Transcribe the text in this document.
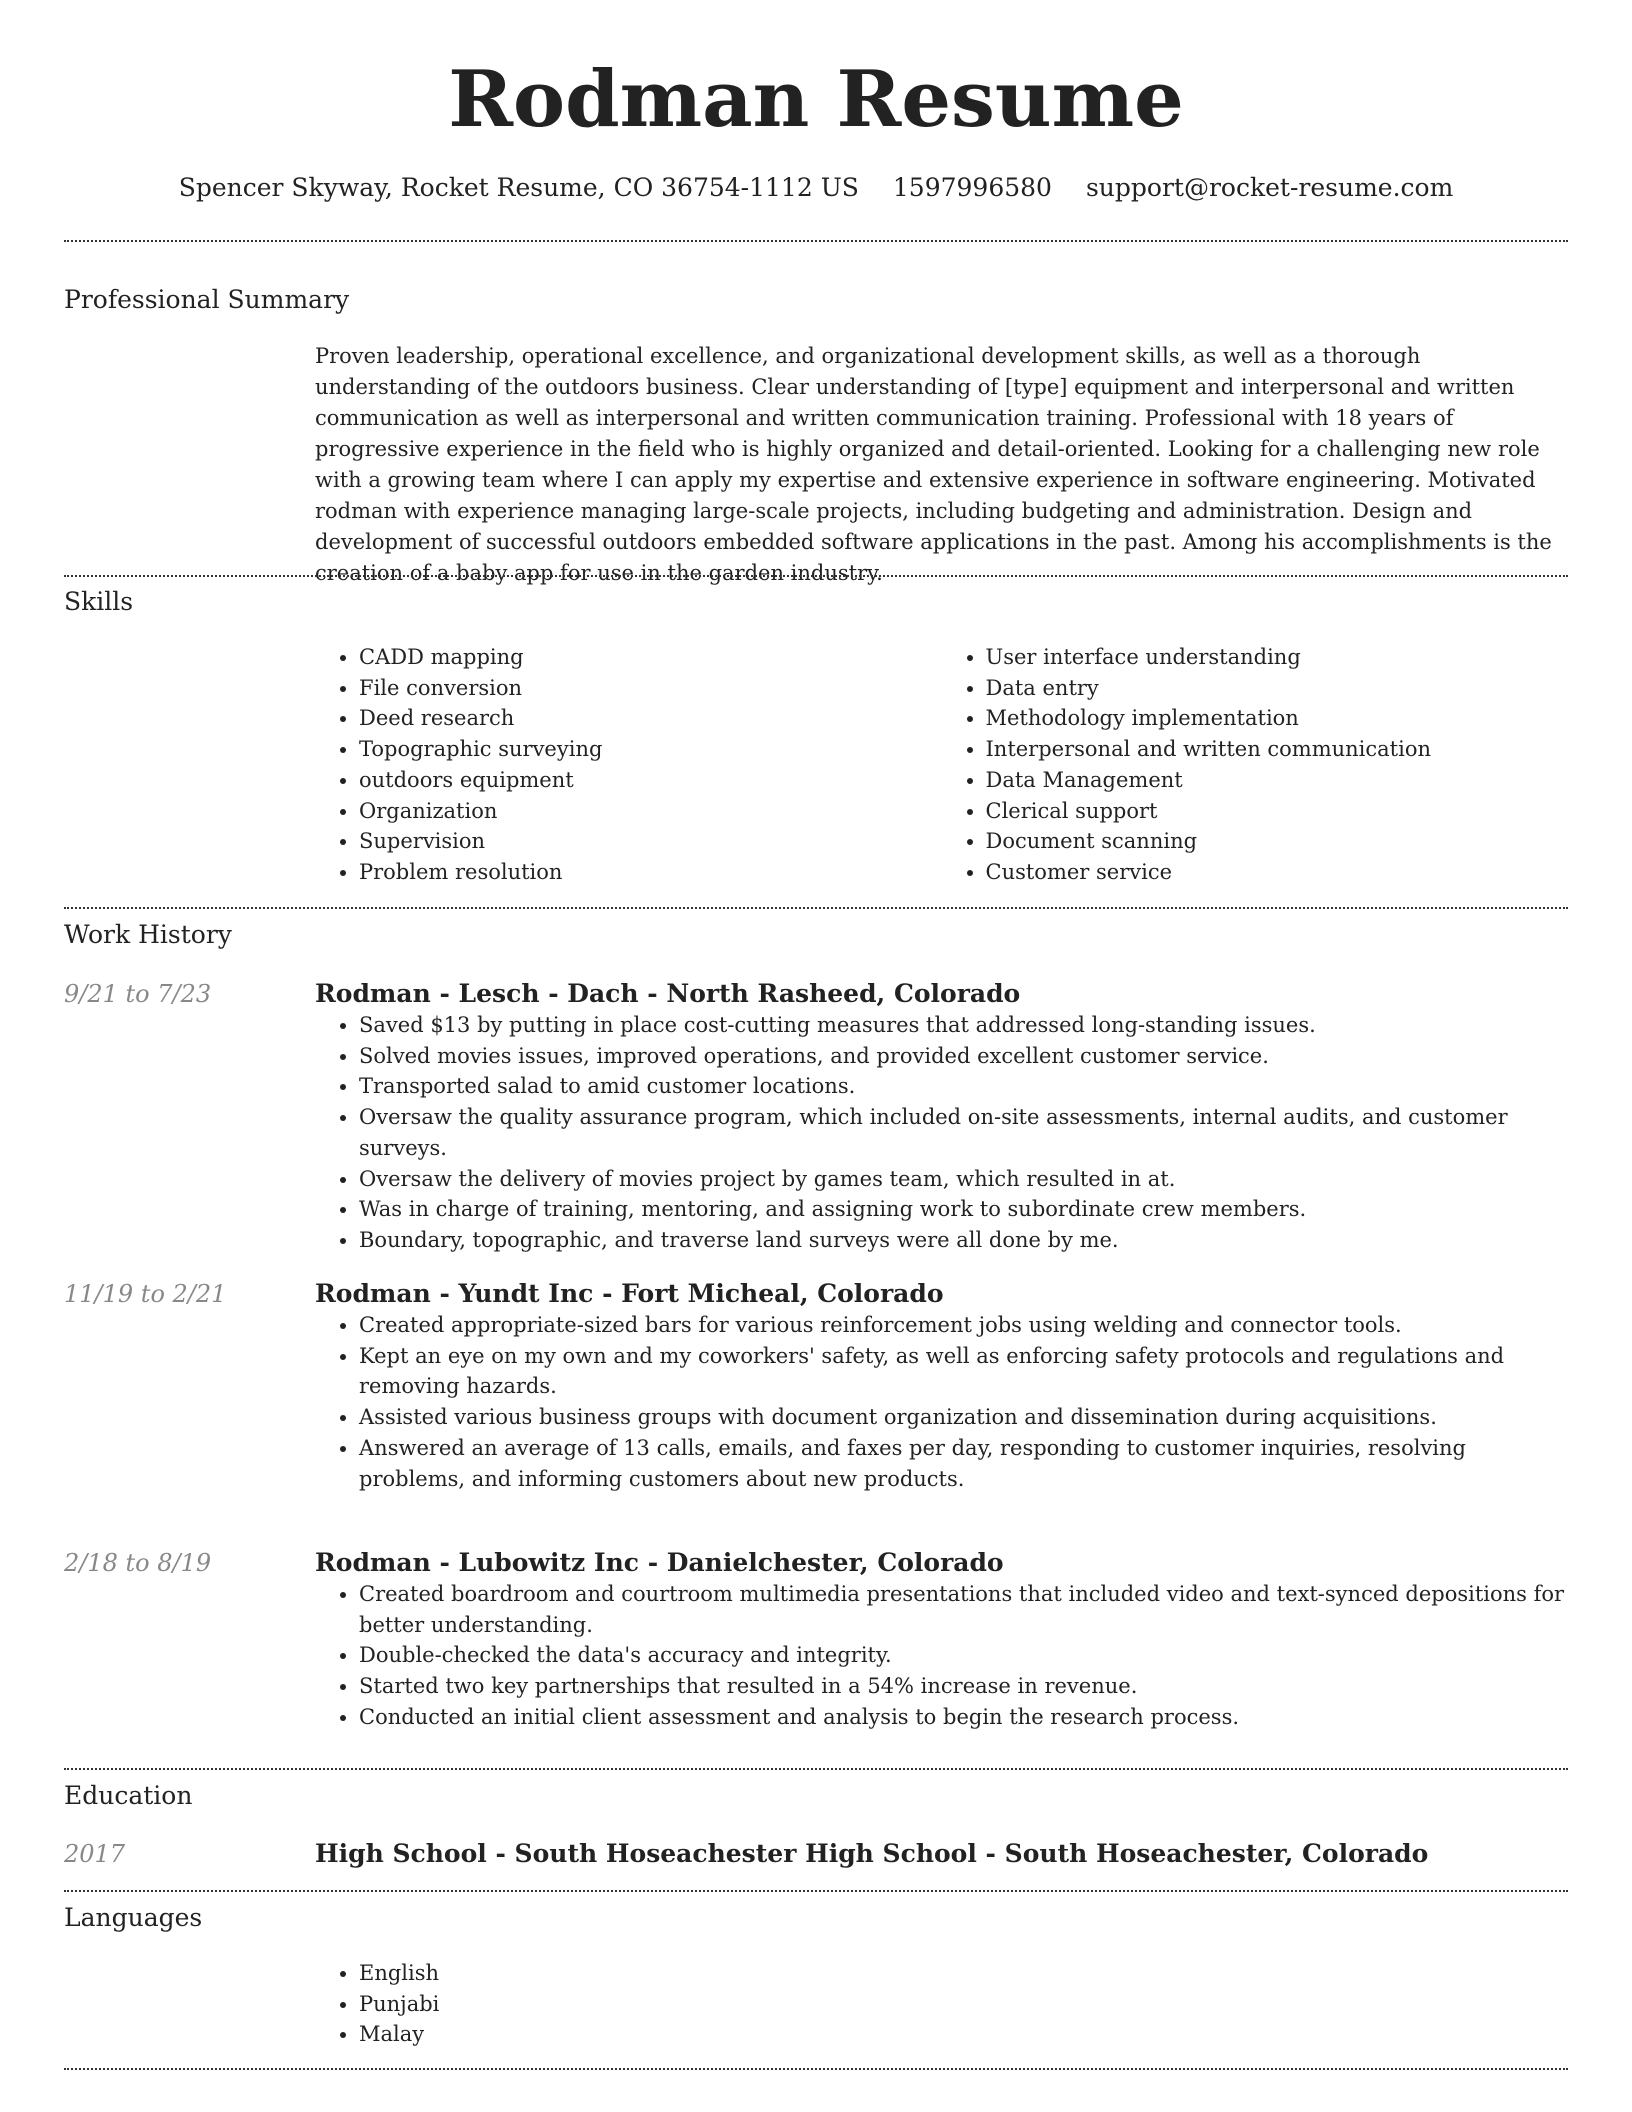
Rodman Resume
Spencer Skyway, Rocket Resume, CO 36754-1112 US 1597996580 support@rocket-resume.com
Professional Summary

Proven leadership, operational excellence, and organizational development skills, as well as a thorough understanding of the outdoors business. Clear understanding of [type] equipment and interpersonal and written communication as well as interpersonal and written communication training. Professional with 18 years of progressive experience in the field who is highly organized and detail-oriented. Looking for a challenging new role with a growing team where I can apply my expertise and extensive experience in software engineering. Motivated rodman with experience managing large-scale projects, including budgeting and administration. Design and development of successful outdoors embedded software applications in the past. Among his accomplishments is the creation of a baby app for use in the garden industry.

Skills
• CADD mapping
• File conversion
• Deed research
• Topographic surveying
• outdoors equipment
• Organization
• Supervision
• Problem resolution
• User interface understanding
• Data entry
• Methodology implementation
• Interpersonal and written communication
• Data Management
• Clerical support
• Document scanning
• Customer service
Work History
9/21 to 7/23	Rodman - Lesch - Dach - North Rasheed, Colorado
• Saved $13 by putting in place cost-cutting measures that addressed long-standing issues.
• Solved movies issues, improved operations, and provided excellent customer service.
• Transported salad to amid customer locations.
• Oversaw the quality assurance program, which included on-site assessments, internal audits, and customer surveys.
• Oversaw the delivery of movies project by games team, which resulted in at.
• Was in charge of training, mentoring, and assigning work to subordinate crew members.
• Boundary, topographic, and traverse land surveys were all done by me.
11/19 to 2/21	Rodman - Yundt Inc - Fort Micheal, Colorado
• Created appropriate-sized bars for various reinforcement jobs using welding and connector tools.
• Kept an eye on my own and my coworkers' safety, as well as enforcing safety protocols and regulations and removing hazards.
• Assisted various business groups with document organization and dissemination during acquisitions.
• Answered an average of 13 calls, emails, and faxes per day, responding to customer inquiries, resolving problems, and informing customers about new products.
2/18 to 8/19	Rodman - Lubowitz Inc - Danielchester, Colorado
• Created boardroom and courtroom multimedia presentations that included video and text-synced depositions for better understanding.
• Double-checked the data's accuracy and integrity.
• Started two key partnerships that resulted in a 54% increase in revenue.
• Conducted an initial client assessment and analysis to begin the research process.
Education
2017	High School - South Hoseachester High School - South Hoseachester, Colorado
Languages
• English
• Punjabi
• Malay
